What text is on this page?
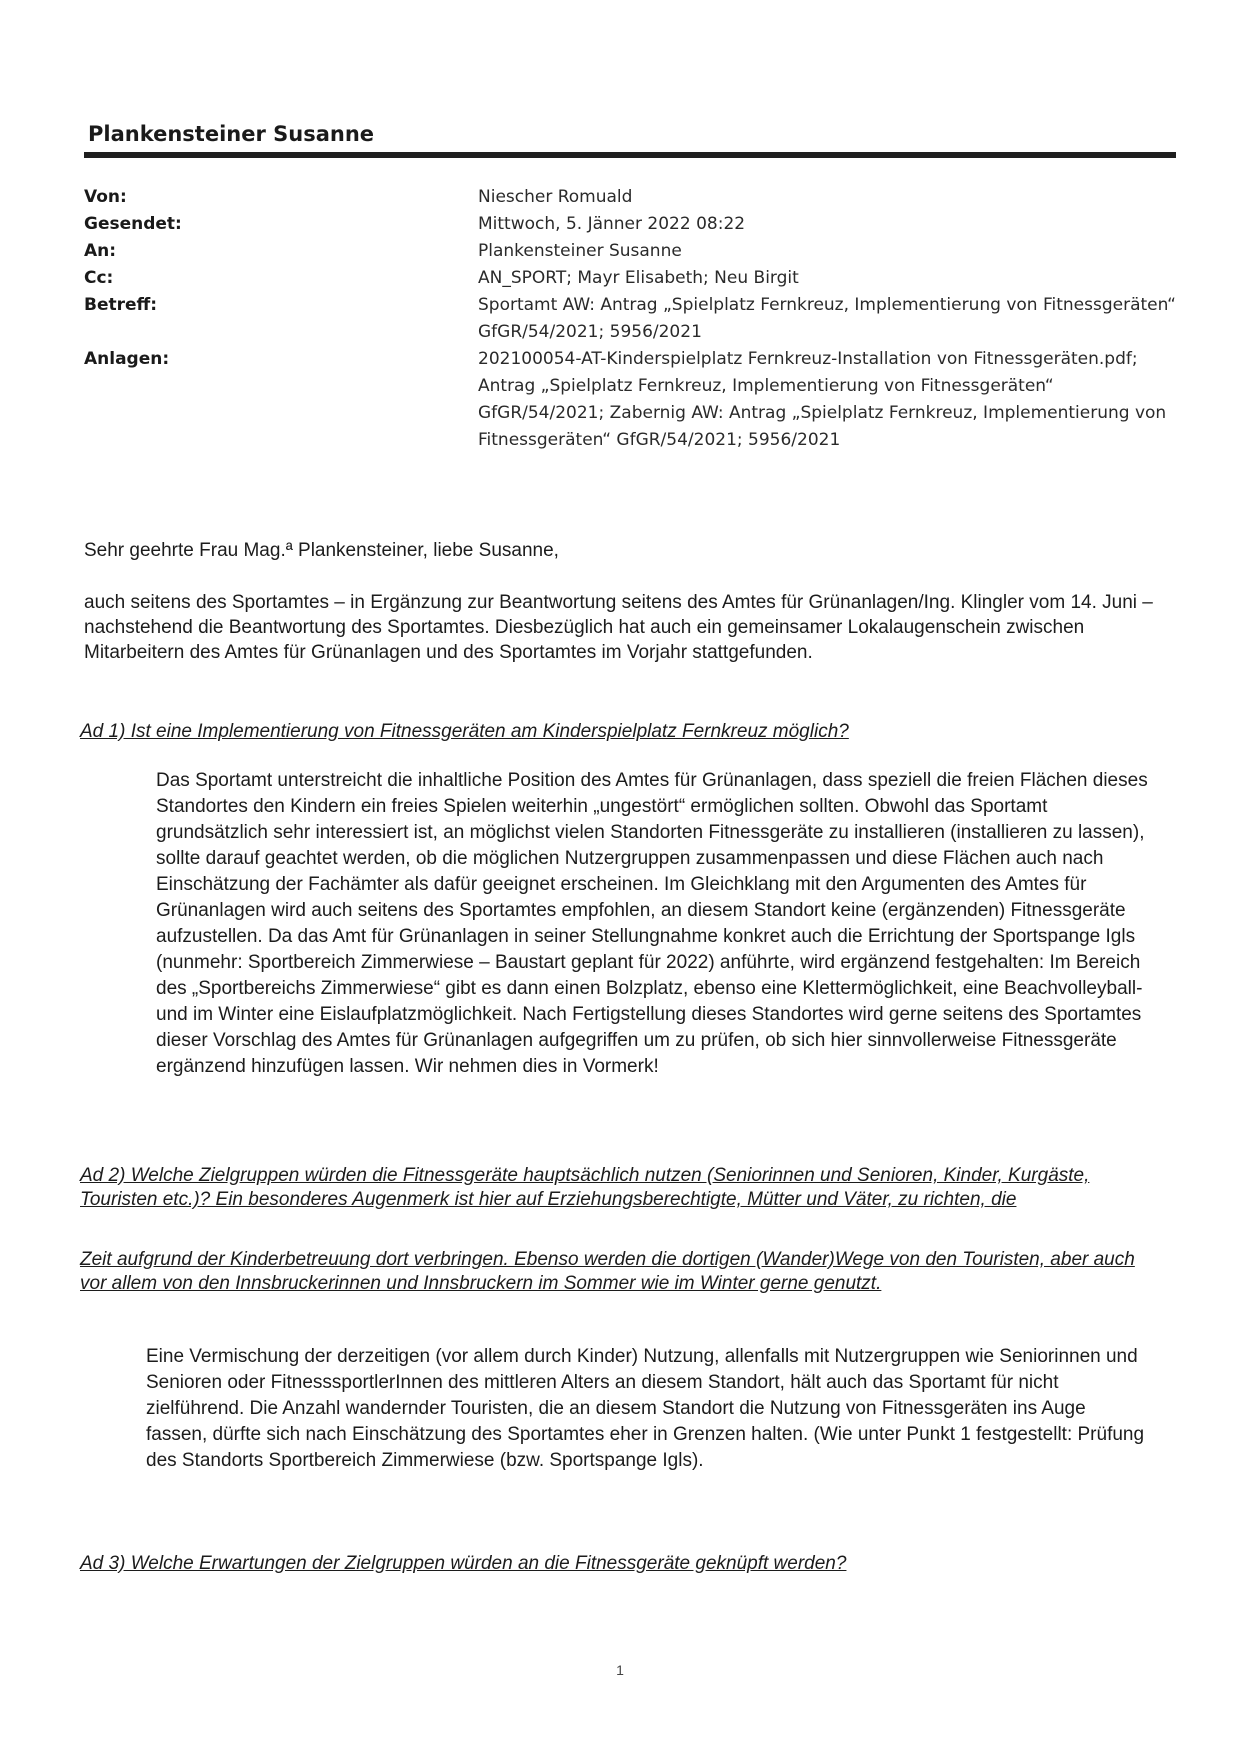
Plankensteiner Susanne
Von:	Niescher Romuald
Gesendet:	Mittwoch, 5. Jänner 2022 08:22
An:	Plankensteiner Susanne
Cc:	AN_SPORT; Mayr Elisabeth; Neu Birgit
Betreff:	Sportamt AW: Antrag „Spielplatz Fernkreuz, Implementierung von Fitnessgeräten“ GfGR/54/2021; 5956/2021
Anlagen:	202100054-AT-Kinderspielplatz Fernkreuz-Installation von Fitnessgeräten.pdf; Antrag „Spielplatz Fernkreuz, Implementierung von Fitnessgeräten“ GfGR/54/2021; Zabernig AW: Antrag „Spielplatz Fernkreuz, Implementierung von Fitnessgeräten“ GfGR/54/2021; 5956/2021
Sehr geehrte Frau Mag.ª Plankensteiner, liebe Susanne,
auch seitens des Sportamtes – in Ergänzung zur Beantwortung seitens des Amtes für Grünanlagen/Ing. Klingler vom 14. Juni – nachstehend die Beantwortung des Sportamtes. Diesbezüglich hat auch ein gemeinsamer Lokalaugenschein zwischen Mitarbeitern des Amtes für Grünanlagen und des Sportamtes im Vorjahr stattgefunden.
Ad 1) Ist eine Implementierung von Fitnessgeräten am Kinderspielplatz Fernkreuz möglich?
Das Sportamt unterstreicht die inhaltliche Position des Amtes für Grünanlagen, dass speziell die freien Flächen dieses Standortes den Kindern ein freies Spielen weiterhin „ungestört“ ermöglichen sollten. Obwohl das Sportamt grundsätzlich sehr interessiert ist, an möglichst vielen Standorten Fitnessgeräte zu installieren (installieren zu lassen), sollte darauf geachtet werden, ob die möglichen Nutzergruppen zusammenpassen und diese Flächen auch nach Einschätzung der Fachämter als dafür geeignet erscheinen. Im Gleichklang mit den Argumenten des Amtes für Grünanlagen wird auch seitens des Sportamtes empfohlen, an diesem Standort keine (ergänzenden) Fitnessgeräte aufzustellen. Da das Amt für Grünanlagen in seiner Stellungnahme konkret auch die Errichtung der Sportspange Igls (nunmehr: Sportbereich Zimmerwiese – Baustart geplant für 2022) anführte, wird ergänzend festgehalten: Im Bereich des „Sportbereichs Zimmerwiese“ gibt es dann einen Bolzplatz, ebenso eine Klettermöglichkeit, eine Beachvolleyball- und im Winter eine Eislaufplatzmöglichkeit. Nach Fertigstellung dieses Standortes wird gerne seitens des Sportamtes dieser Vorschlag des Amtes für Grünanlagen aufgegriffen um zu prüfen, ob sich hier sinnvollerweise Fitnessgeräte ergänzend hinzufügen lassen. Wir nehmen dies in Vormerk!
Ad 2) Welche Zielgruppen würden die Fitnessgeräte hauptsächlich nutzen (Seniorinnen und Senioren, Kinder, Kurgäste, Touristen etc.)? Ein besonderes Augenmerk ist hier auf Erziehungsberechtigte, Mütter und Väter, zu richten, die
Zeit aufgrund der Kinderbetreuung dort verbringen. Ebenso werden die dortigen (Wander)Wege von den Touristen, aber auch vor allem von den Innsbruckerinnen und Innsbruckern im Sommer wie im Winter gerne genutzt.
Eine Vermischung der derzeitigen (vor allem durch Kinder) Nutzung, allenfalls mit Nutzergruppen wie Seniorinnen und Senioren oder FitnesssportlerInnen des mittleren Alters an diesem Standort, hält auch das Sportamt für nicht zielführend. Die Anzahl wandernder Touristen, die an diesem Standort die Nutzung von Fitnessgeräten ins Auge fassen, dürfte sich nach Einschätzung des Sportamtes eher in Grenzen halten. (Wie unter Punkt 1 festgestellt: Prüfung des Standorts Sportbereich Zimmerwiese (bzw. Sportspange Igls).
Ad 3) Welche Erwartungen der Zielgruppen würden an die Fitnessgeräte geknüpft werden?
1
